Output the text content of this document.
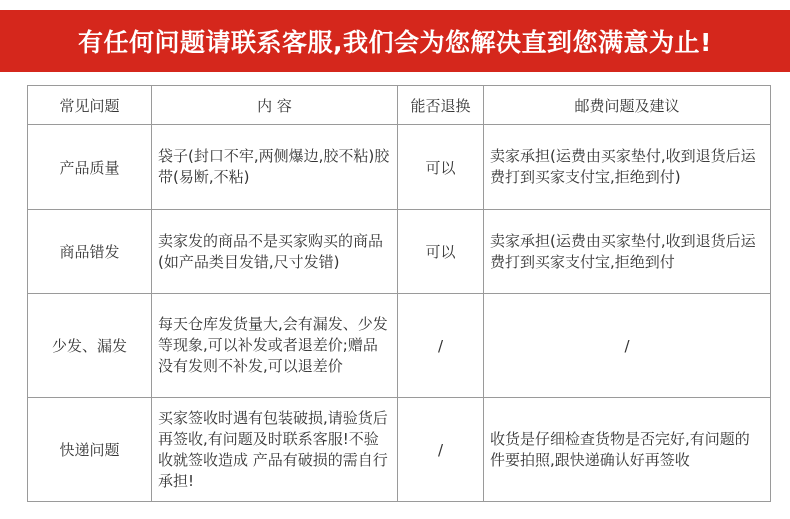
有任何问题请联系客服,我们会为您解决直到您满意为止!
常见问题	内 容	能否退换	邮费问题及建议
产品质量	袋子(封口不牢,两侧爆边,胶不粘)胶带(易断,不粘)	可以	卖家承担(运费由买家垫付,收到退货后运费打到买家支付宝,拒绝到付)
商品错发	卖家发的商品不是买家购买的商品(如产品类目发错,尺寸发错)	可以	卖家承担(运费由买家垫付,收到退货后运费打到买家支付宝,拒绝到付
少发、漏发	每天仓库发货量大,会有漏发、少发等现象,可以补发或者退差价;赠品没有发则不补发,可以退差价	/	/
快递问题	买家签收时遇有包装破损,请验货后再签收,有问题及时联系客服!不验收就签收造成 产品有破损的需自行承担!	/	收货是仔细检查货物是否完好,有问题的件要拍照,跟快递确认好再签收
